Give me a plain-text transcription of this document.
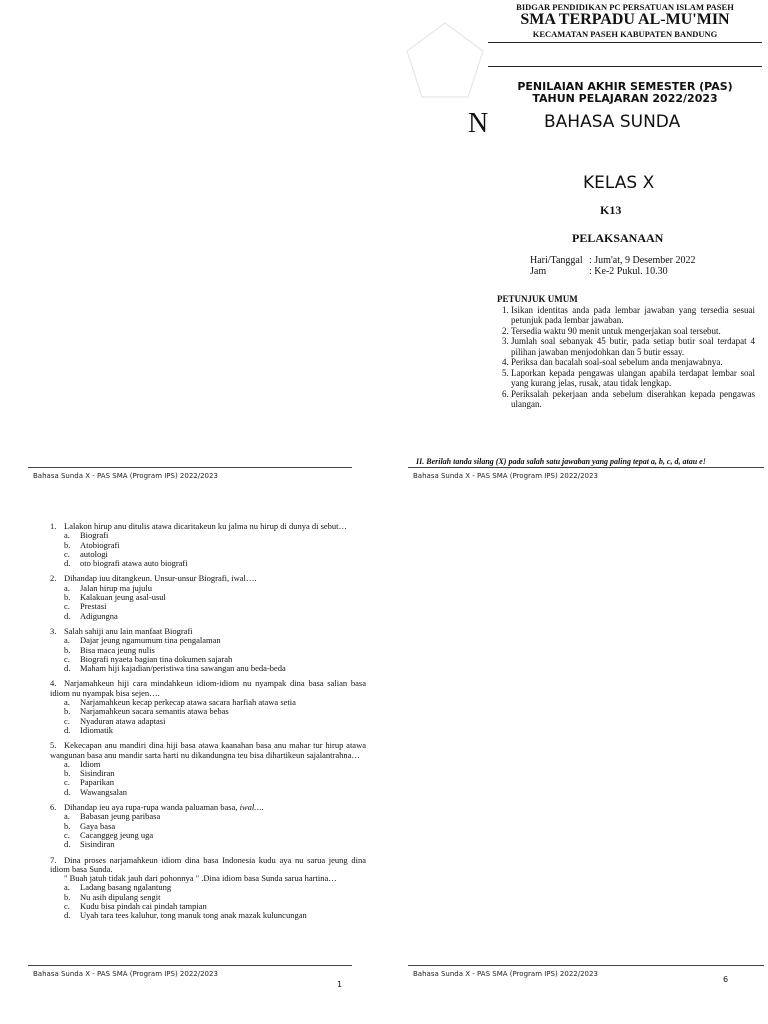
BIDGAR PENDIDIKAN PC PERSATUAN ISLAM PASEH
SMA TERPADU AL-MU'MIN
KECAMATAN PASEH KABUPATEN BANDUNG
PENILAIAN AKHIR SEMESTER (PAS)
TAHUN PELAJARAN 2022/2023
N	BAHASA SUNDA
KELAS X
K13
PELAKSANAAN
Hari/Tanggal : Jum'at, 9 Desember 2022
Jam	: Ke-2 Pukul. 10.30
PETUNJUK UMUM
1. Isikan identitas anda pada lembar jawaban yang tersedia sesuai petunjuk pada lembar jawaban.
2. Tersedia waktu 90 menit untuk mengerjakan soal tersebut.
3. Jumlah soal sebanyak 45 butir, pada setiap butir soal terdapat 4 pilihan jawaban menjodohkan dan 5 butir essay.
4. Periksa dan bacalah soal-soal sebelum anda menjawabnya.
5. Laporkan kepada pengawas ulangan apabila terdapat lembar soal yang kurang jelas, rusak, atau tidak lengkap.
6. Periksalah pekerjaan anda sebelum diserahkan kepada pengawas ulangan.
II. Berilah tanda silang (X) pada salah satu jawaban yang paling tepat a, b, c, d, atau e!
Bahasa Sunda X - PAS SMA (Program IPS) 2022/2023	Bahasa Sunda X - PAS SMA (Program IPS) 2022/2023
1. Lalakon hirup anu ditulis atawa dicaritakeun ku jalma nu hirup di dunya di sebut…
a. Biografi
b. Atobiografi
c. autologi
d. oto biografi atawa auto biografi
2. Dihandap iuu ditangkeun. Unsur-unsur Biografi, iwal….
a. Jalan hirup ma jujulu
b. Kalakuan jeung asal-usul
c. Prestasi
d. Adigungna
3. Salah sahiji anu lain manfaat Biografi
a. Dajar jeung ngamumum tina pengalaman
b. Bisa maca jeung nulis
c. Biografi nyaeta bagian tina dokumen sajarah
d. Maham hiji kajadian/peristiwa tina sawangan anu beda-beda
4. Narjamahkeun hiji cara mindahkeun idiom-idiom nu nyampak dina basa salian basa idiom nu nyampak bisa sejen….
a. Narjamahkeun kecap perkecap atawa sacara harfiah atawa setia
b. Narjamahkeun sacara semantis atawa bebas
c. Nyaduran atawa adaptasi
d. Idiomatik
5. Kekecapan anu mandiri dina hiji basa atawa kaanahan basa anu mahar tur hirup atawa wangunan basa anu mandir sarta harti nu dikandungna teu bisa dihartikeun sajalantrahna…
a. Idiom
b. Sisindiran
c. Paparikan
d. Wawangsalan
6. Dihandap ieu aya rupa-rupa wanda paluaman basa, iwal….
a. Babasan jeung paribasa
b. Gaya basa
c. Cacanggeg jeung uga
d. Sisindiran
7. Dina proses narjamahkeun idiom dina basa Indonesia kudu aya nu sarua jeung dina idiom basa Sunda.
" Buah jatuh tidak jauh dari pohonnya " .Dina idiom basa Sunda sarua hartina…
a. Ladang basang ngalantung
b. Nu asih dipulang sengit
c. Kudu bisa pindah cai pindah tampian
d. Uyah tara tees kaluhur, tong manuk tong anak mazak kuluncungan
Bahasa Sunda X - PAS SMA (Program IPS) 2022/2023
1
Bahasa Sunda X - PAS SMA (Program IPS) 2022/2023
6
